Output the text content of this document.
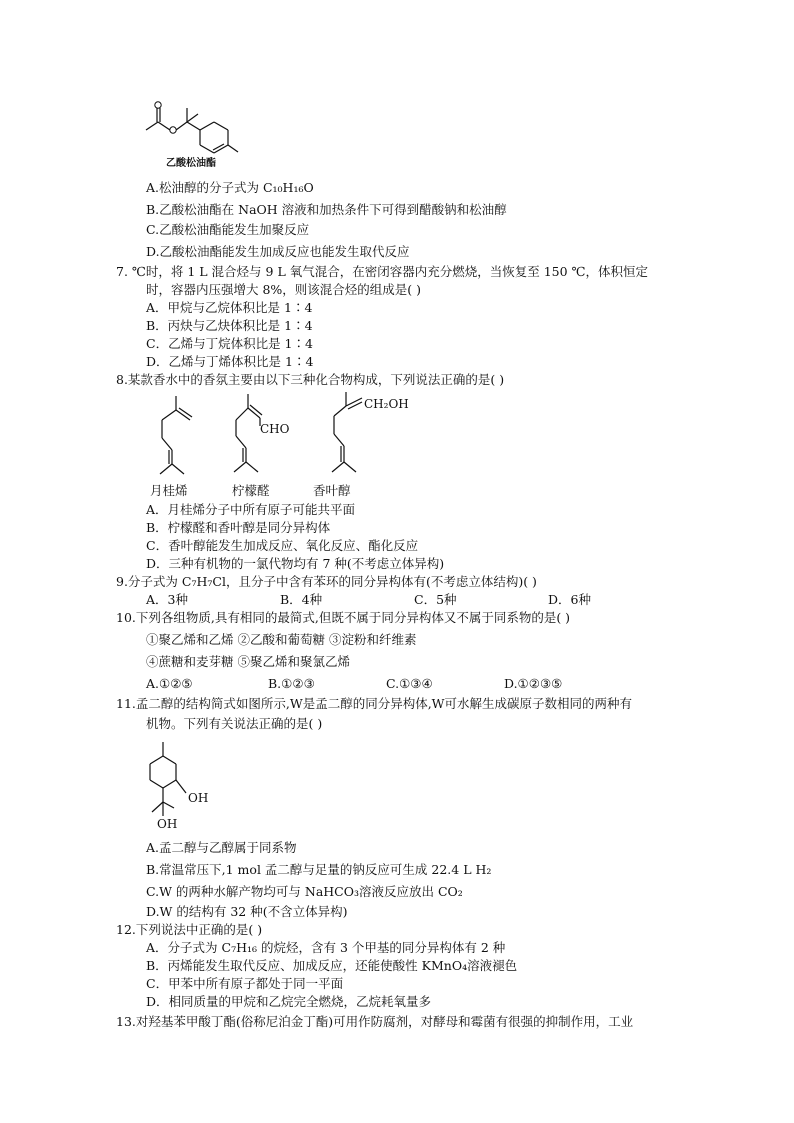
乙酸松油酯
A.松油醇的分子式为 C₁₀H₁₆O
B.乙酸松油酯在 NaOH 溶液和加热条件下可得到醋酸钠和松油醇
C.乙酸松油酯能发生加聚反应
D.乙酸松油酯能发生加成反应也能发生取代反应
7. ℃时，将 1 L 混合烃与 9 L 氧气混合，在密闭容器内充分燃烧，当恢复至 150 ℃，体积恒定
时，容器内压强增大 8%，则该混合烃的组成是( )
A．甲烷与乙烷体积比是 1∶4
B．丙炔与乙炔体积比是 1∶4
C．乙烯与丁烷体积比是 1∶4
D．乙烯与丁烯体积比是 1∶4
8.某款香水中的香氛主要由以下三种化合物构成，下列说法正确的是( )
CHO
CH₂OH
月桂烯	柠檬醛	香叶醇
A．月桂烯分子中所有原子可能共平面
B．柠檬醛和香叶醇是同分异构体
C．香叶醇能发生加成反应、氧化反应、酯化反应
D．三种有机物的一氯代物均有 7 种(不考虑立体异构)
9.分子式为 C₇H₇Cl，且分子中含有苯环的同分异构体有(不考虑立体结构)( )
A．3种	B．4种	C．5种	D．6种
10.下列各组物质,具有相同的最简式,但既不属于同分异构体又不属于同系物的是( )
①聚乙烯和乙烯 ②乙酸和葡萄糖 ③淀粉和纤维素
④蔗糖和麦芽糖 ⑤聚乙烯和聚氯乙烯
A.①②⑤	B.①②③	C.①③④	D.①②③⑤
11.孟二醇的结构简式如图所示,W是孟二醇的同分异构体,W可水解生成碳原子数相同的两种有
机物。下列有关说法正确的是( )
OH
OH
A.孟二醇与乙醇属于同系物
B.常温常压下,1 mol 孟二醇与足量的钠反应可生成 22.4 L H₂
C.W 的两种水解产物均可与 NaHCO₃溶液反应放出 CO₂
D.W 的结构有 32 种(不含立体异构)
12.下列说法中正确的是( )
A．分子式为 C₇H₁₆ 的烷烃，含有 3 个甲基的同分异构体有 2 种
B．丙烯能发生取代反应、加成反应，还能使酸性 KMnO₄溶液褪色
C．甲苯中所有原子都处于同一平面
D．相同质量的甲烷和乙烷完全燃烧，乙烷耗氧量多
13.对羟基苯甲酸丁酯(俗称尼泊金丁酯)可用作防腐剂，对酵母和霉菌有很强的抑制作用，工业
